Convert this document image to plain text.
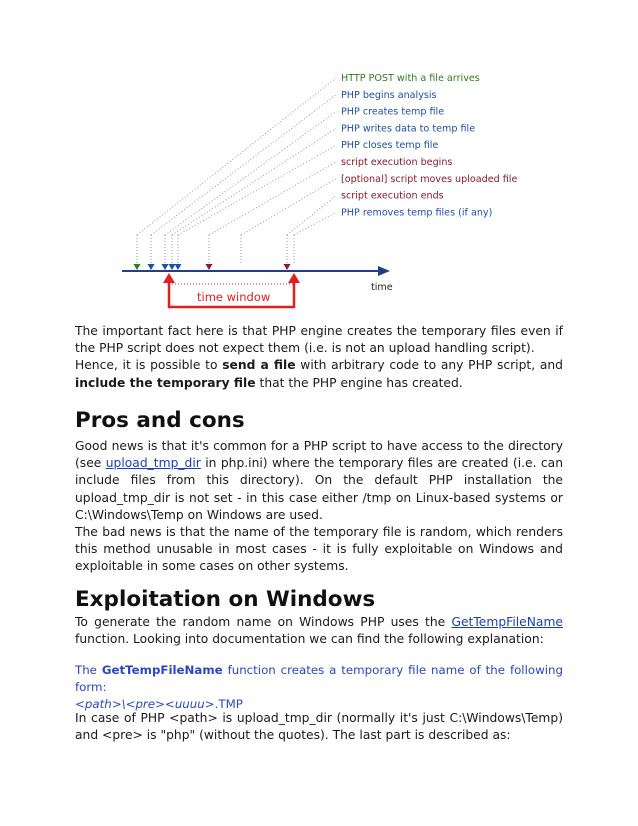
HTTP POST with a file arrives
PHP begins analysis
PHP creates temp file
PHP writes data to temp file
PHP closes temp file
script execution begins
[optional] script moves uploaded file
script execution ends
PHP removes temp files (if any)
time
time window

The important fact here is that PHP engine creates the temporary files even if the PHP script does not expect them (i.e. is not an upload handling script).
Hence, it is possible to send a file with arbitrary code to any PHP script, and include the temporary file that the PHP engine has created.

Pros and cons

Good news is that it's common for a PHP script to have access to the directory (see upload_tmp_dir in php.ini) where the temporary files are created (i.e. can include files from this directory). On the default PHP installation the upload_tmp_dir is not set - in this case either /tmp on Linux-based systems or C:\Windows\Temp on Windows are used.
The bad news is that the name of the temporary file is random, which renders this method unusable in most cases - it is fully exploitable on Windows and exploitable in some cases on other systems.

Exploitation on Windows

To generate the random name on Windows PHP uses the GetTempFileName function. Looking into documentation we can find the following explanation:

The GetTempFileName function creates a temporary file name of the following form:
<path>\<pre><uuuu>.TMP

In case of PHP <path> is upload_tmp_dir (normally it's just C:\Windows\Temp) and <pre> is "php" (without the quotes). The last part is described as:
